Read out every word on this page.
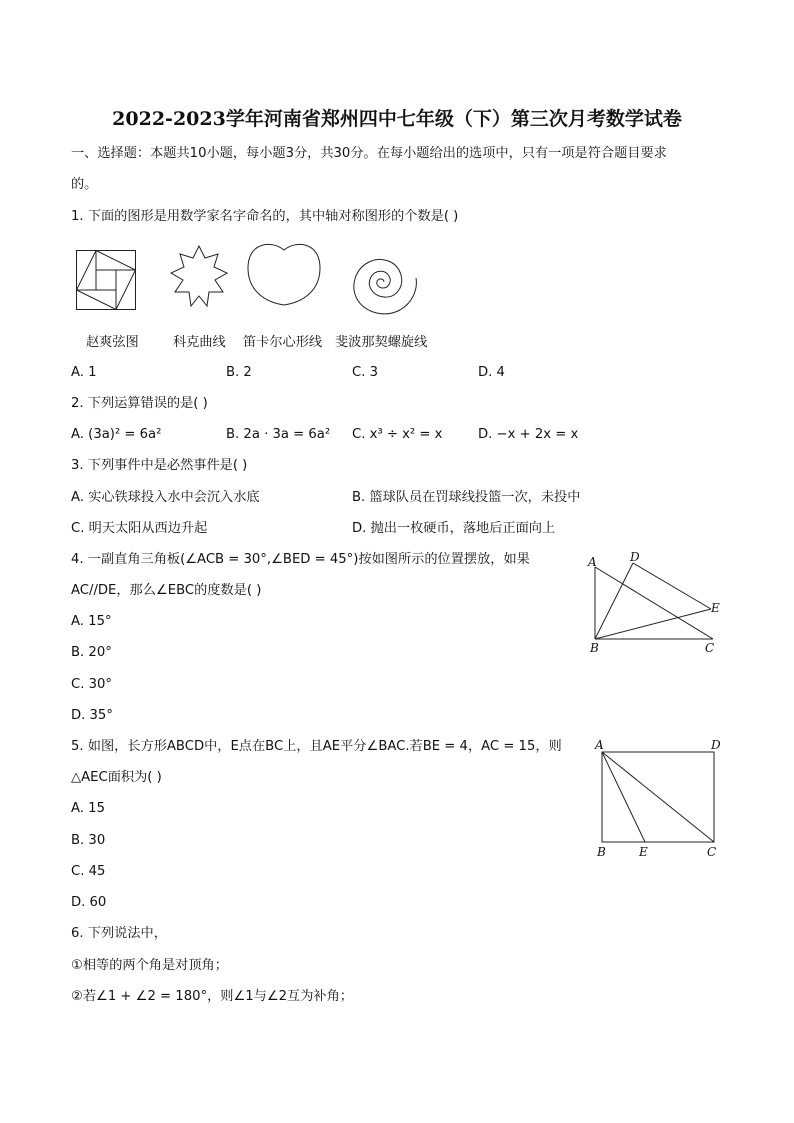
2022-2023学年河南省郑州四中七年级（下）第三次月考数学试卷
一、选择题：本题共10小题，每小题3分，共30分。在每小题给出的选项中，只有一项是符合题目要求
的。
1. 下面的图形是用数学家名字命名的，其中轴对称图形的个数是( )
赵爽弦图	科克曲线 笛卡尔心形线 斐波那契螺旋线
A. 1	B. 2	C. 3	D. 4
2. 下列运算错误的是( )
A. (3a)² = 6a²	B. 2a · 3a = 6a² C. x³ ÷ x² = x	D. −x + 2x = x
3. 下列事件中是必然事件是( )
A. 实心铁球投入水中会沉入水底	B. 篮球队员在罚球线投篮一次，未投中
C. 明天太阳从西边升起	D. 抛出一枚硬币，落地后正面向上
4. 一副直角三角板(∠ACB = 30°,∠BED = 45°)按如图所示的位置摆放，如果
AC//DE，那么∠EBC的度数是( )
A. 15°
B. 20°
C. 30°
D. 35°
A	D
E
B	C
5. 如图，长方形ABCD中，E点在BC上，且AE平分∠BAC.若BE = 4，AC = 15，则
△AEC面积为( )
A. 15
B. 30
C. 45
D. 60
A	D
B	E	C
6. 下列说法中，
①相等的两个角是对顶角；
②若∠1 + ∠2 = 180°，则∠1与∠2互为补角；
